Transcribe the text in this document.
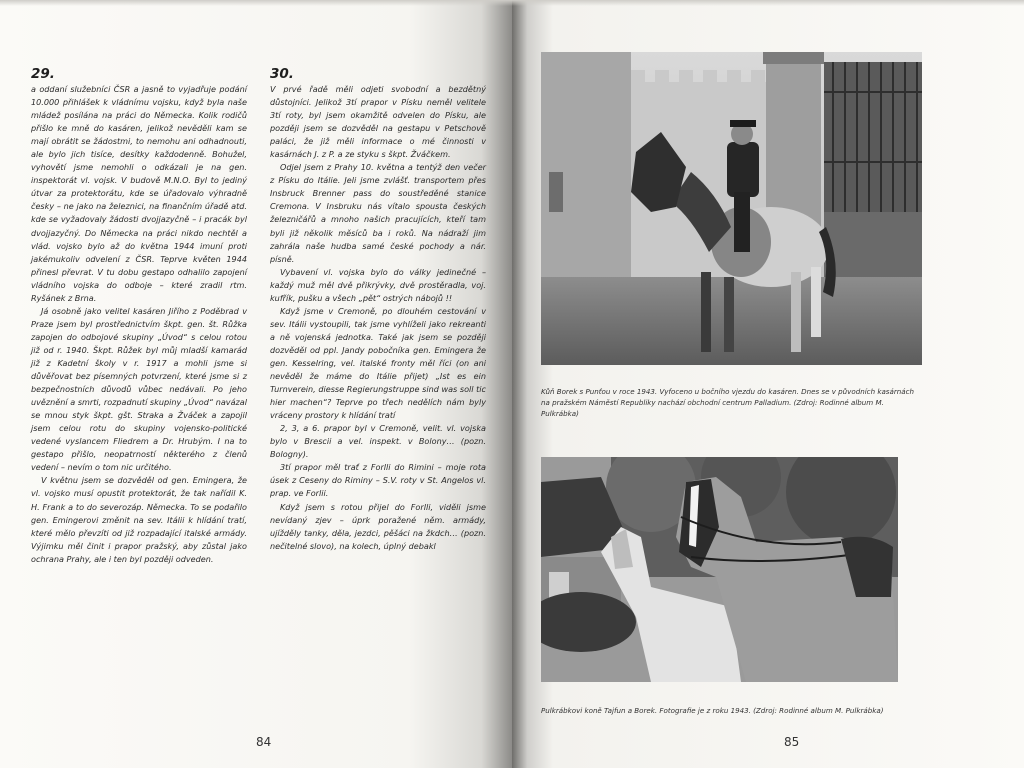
29.

a oddaní služebníci ČSR a jasně to vyjadřuje podání 10.000 přihlášek k vládnímu vojsku, když byla naše mládež posílána na práci do Německa. Kolik rodičů přišlo ke mně do kasáren, jelikož nevěděli kam se mají obrátit se žádostmi, to nemohu ani odhadnouti, ale bylo jich tisíce, desítky každodenně. Bohužel, vyhovětí jsme nemohli o odkázali je na gen. inspektorát vl. vojsk. V budově M.N.O. Byl to jediný útvar za protektorátu, kde se úřadovalo výhradně česky – ne jako na železnici, na finančním úřadě atd. kde se vyžadovaly žádosti dvojjazyčně – i pracák byl dvojjazyčný. Do Německa na práci nikdo nechtěl a vlád. vojsko bylo až do května 1944 imuní proti jakémukoliv odvelení z ČSR. Teprve květen 1944 přinesl převrat. V tu dobu gestapo odhalilo zapojení vládního vojska do odboje – které zradil rtm. Ryšánek z Brna.

Já osobně jako velitel kasáren Jiřího z Poděbrad v Praze jsem byl prostřednictvím škpt. gen. št. Růžka zapojen do odbojové skupiny „Úvod“ s celou rotou již od r. 1940. Škpt. Růžek byl můj mladší kamarád již z Kadetní školy v r. 1917 a mohli jsme si důvěřovat bez písemných potvrzení, které jsme si z bezpečnostních důvodů vůbec nedávali. Po jeho uvěznění a smrti, rozpadnutí skupiny „Úvod“ navázal se mnou styk škpt. gšt. Straka a Žváček a zapojil jsem celou rotu do skupiny vojensko-politické vedené vyslancem Fliedrem a Dr. Hrubým. I na to gestapo přišlo, neopatrností některého z členů vedení – nevím o tom nic určitého.

V květnu jsem se dozvěděl od gen. Emingera, že vl. vojsko musí opustit protektorát, že tak nařídil K. H. Frank a to do severozáp. Německa. To se podařilo gen. Emingerovi změnit na sev. Itálii k hlídání tratí, které mělo převzíti od již rozpadající italské armády. Výjimku měl činit i prapor pražský, aby zůstal jako ochrana Prahy, ale i ten byl později odveden.

30.

V prvé řadě měli odjeti svobodní a bezdětný důstojníci. Jelikož 3tí prapor v Písku neměl velitele 3tí roty, byl jsem okamžitě odvelen do Písku, ale později jsem se dozvěděl na gestapu v Petschově paláci, že již měli informace o mé činnosti v kasárnách J. z P. a ze styku s škpt. Žváčkem.

Odjel jsem z Prahy 10. května a tentýž den večer z Písku do Itálie. Jeli jsme zvlášť. transportem přes Insbruck Brenner pass do soustředěné stanice Cremona. V Insbruku nás vítalo spousta českých železničářů a mnoho našich pracujících, kteří tam byli již několik měsíců ba i roků. Na nádraží jim zahrála naše hudba samé české pochody a nár. písně.

Vybavení vl. vojska bylo do války jedinečné – každý muž měl dvě přikrývky, dvě prostěradla, voj. kufřík, pušku a všech „pět“ ostrých nábojů !!

Když jsme v Cremoně, po dlouhém cestování v sev. Itálii vystoupili, tak jsme vyhlíželi jako rekreanti a ně vojenská jednotka. Také jak jsem se později dozvěděl od ppl. Jandy pobočníka gen. Emingera že gen. Kesselring, vel. italské fronty měl říci (on ani nevěděl že máme do Itálie přijet) „Ist es ein Turnverein, diesse Regierungstruppe sind was soll tic hier machen“? Teprve po třech nedělích nám byly vráceny prostory k hlídání tratí

2, 3, a 6. prapor byl v Cremoně, velit. vl. vojska bylo v Brescii a vel. inspekt. v Bolony… (pozn. Bologny).

3tí prapor měl trať z Forlli do Rimini – moje rota úsek z Ceseny do Riminy – S.V. roty v St. Angelos vl. prap. ve Forlii.

Když jsem s rotou přijel do Forlli, viděli jsme nevídaný zjev – úprk poražené něm. armády, ujížděly tanky, děla, jezdci, pěšáci na žkdch… (pozn. nečitelné slovo), na kolech, úplný debakl

84
Kůň Borek s Punťou v roce 1943. Vyfoceno u bočního vjezdu do kasáren. Dnes se v původních kasárnách na pražském Náměstí Republiky nachází obchodní centrum Palladium. (Zdroj: Rodinné album M. Pulkrábka)
Pulkrábkovi koně Tajfun a Borek. Fotografie je z roku 1943. (Zdroj: Rodinné album M. Pulkrábka)
85
